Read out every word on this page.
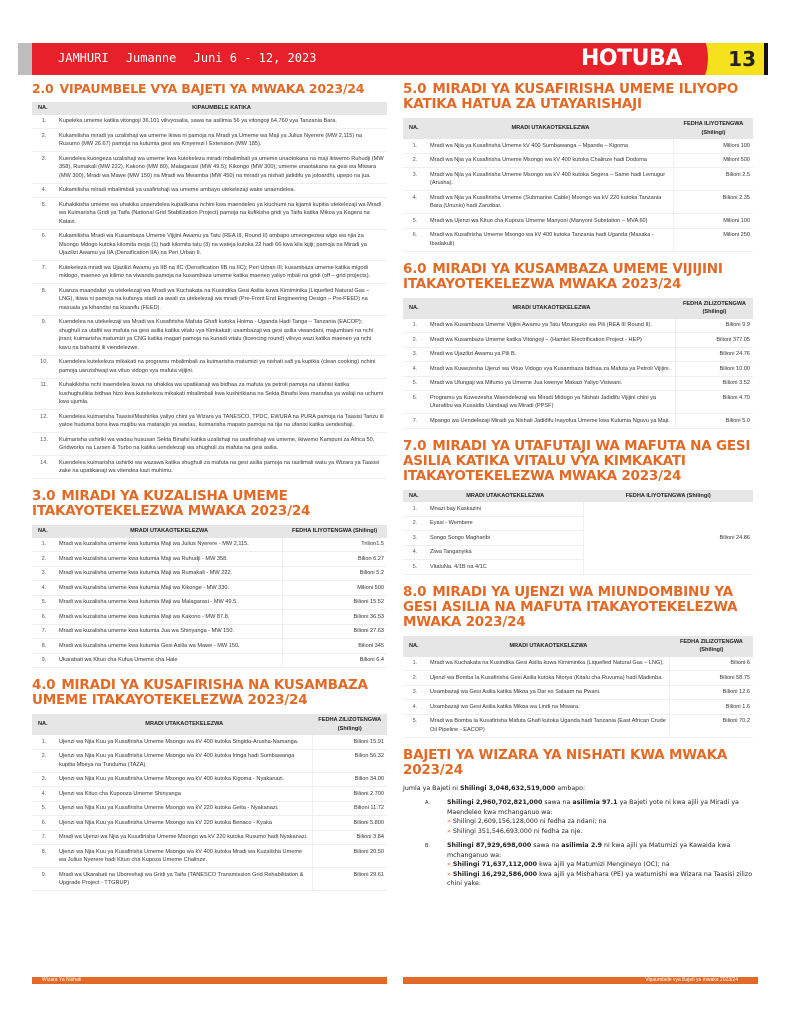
JAMHURI Jumanne Juni 6 - 12, 2023	HOTUBA 13
2.0 VIPAUMBELE VYA BAJETI YA MWAKA 2023/24
NA.	KIPAUMBELE KATIKA
1.	Kupeleka umeme katika vitongoji 36,101 vilivyosalia, sawa na asilimia 56 ya vitongoji 64,760 vya Tanzania Bara.
2.	Kukamilisha miradi ya uzalishaji wa umeme ikiwa ni pamoja na Mradi ya Umeme wa Maji ya Julius Nyerere (MW 2,115) na Rusumo (MW 26.67) pamoja na kutumia gesi wa Kinyerezi I Extension (MW 185).
3.	Kuendelea kuongeza uzalishaji wa umeme kwa kutekeleza miradi mbalimbali ya umeme unaotokana na maji ikiwemo Ruhudji (MW 358), Rumakali (MW 222), Kakono (MW 80), Malagarasi (MW 49.5); Kikongo (MW 300); umeme unaotakana na gesi wa Mtwara (MW 300), Mradi wa Mawe (MW 150) na Mradi wa Mwamba (MW 450) na miradi ya nishati jadidifu ya jotoardhi, upepo na jua.
4.	Kukamilisha miradi mbalimbali ya usafirishaji wa umeme ambayo utekelezaji wake unaendelea.
5.	Kuhakikisha umeme wa uhakika unaendelea kupatikana nchini kwa maendeleo ya kiuchumi na kijamii kupitia utekelezaji wa Mradi wa Kuimarisha Gridi ya Taifa (National Grid Stabilization Project) pamoja na kufikisha gridi ya Taifa katika Mikoa ya Kagera na Katavi.
6.	Kukamilisha Mradi wa Kusambaza Umeme Vijijini Awamu ya Tatu (REA III, Round II) ambapo umeongezwa wigo wa njia za Msongo Mdogo kutoka kilomita moja (1) hadi kilomita tatu (3) na wateja kutoka 22 hadi 66 kwa kila kijiji; pamoja na Miradi ya Ujazilizi Awamu ya IIA (Densification IIA) na Peri Urban II.
7.	Kutekeleza mradi wa Ujazilizi Awamu ya IIB na IIC (Densification IIB na IIC); Peri Urban III; kusambaza umeme katika migodi midogo, maeneo ya kilimo na viwanda pamoja na kusambaza umeme katika maeneo yaliyo mbali na gridi (off – grid projects).
8.	Kuanza maandalizi ya utekelezaji wa Mradi wa Kuchakata na Kusindika Gesi Asilia kuwa Kimiminika (Liquefied Natural Gas – LNG), ikiwa ni pamoja na kufanya stadi za awali za utekelezaji wa mradi (Pre-Front End Engineering Design – Pre-FEED) na masuala ya kihandisi na kisanifu (FEED).
9.	Kuendelea na utekelezaji wa Mradi wa Kusafirisha Mafuta Ghafi kutoka Hoima - Uganda Hadi Tanga – Tanzania (EACOP); shughuli za utafiti wa mafuta na gesi asilia katika vitalu vya Kimkakati; usambazaji wa gesi asilia viwandani, majumbani na nchi jirani; kuimarisha matumizi ya CNG katika magari pamoja na kunadi vitalu (licencing round) vilivyo wazi katika maeneo ya nchi kavu na baharini ili viendelezwe.
10.	Kuendelea kutekeleza mikakati na programu mbalimbali za kuimarisha matumizi ya nishati safi ya kupikia (clean cooking) nchini pamoja uanzishwaji wa vituo vidogo vya mafuta vijijini.
11.	Kuhakikisha nchi inaendelea kuwa na uhakika wa upatikanaji wa bidhaa za mafuta ya petroli pamoja na ufanisi katika kushughulikia bidhaa hizo kwa kutekeleza mikakati mbalimbali kwa kushirikiana na Sekta Binafsi kwa manufaa ya walaji na uchumi kwa ujumla.
12.	Kuendelea kuimarisha Taasisi/Mashirika yaliyo chini ya Wizara ya TANESCO, TPDC, EWURA na PURA pamoja na Taasisi Tanzu ili yatoe huduma bora kwa mujibu wa matarajio ya wadau, kuimarisha mapato pamoja na tija na ufanisi katika uendeshaji.
13.	Kuimarisha ushiriki wa wadau hususan Sekta Binafsi katika uzalishaji na usafirishaji wa umeme, ikiwemo Kampuni za Africa 50, Gridworks na Larsen & Turbo na katika uendelezaji wa shughuli za mafuta na gesi asilia.
14.	Kuendelea kuimarisha ushiriki wa wazawa katika shughuli za mafuta na gesi asilia pamoja na rasilimali watu ya Wizara ya Taasisi zake na upatikanaji wa vitendea kazi muhimu.
3.0 MIRADI YA KUZALISHA UMEME ITAKAYOTEKELEZWA MWAKA 2023/24
NA.	MRADI UTAKAOTEKELEZWA	FEDHA ILIYOTENGWA (Shilingi)
1.	Mradi wa kuzalisha umeme kwa kutumia Maji wa Julius Nyerere - MW 2,115.	Trilion1.5
2.	Mradi wa kuzalisha umeme kwa kutumia Maji wa Ruhudji - MW 358.	Bilion 6.27
3.	Mradi wa kuzalisha umeme kwa kutumia Maji wa Rumakali - MW 222.	Bilioni 5.2
4.	Mradi wa kuzalisha umeme kwa kutumia Maji wa Kikonge - MW 330.	Milioni 500
5.	Mradi wa kuzalisha umeme kwa kutumia Maji wa Malagarasi - MW 49.5.	Bilioni 15.52
6.	Mradi wa kuzalisha umeme kwa kutumia Maji wa Kakono - MW 87.8.	Bilioni 36.53
7.	Mradi wa kuzalisha umeme kwa kutumia Jua wa Shinyanga - MW 150.	Bilioni 27.63
8.	Mradi wa kuzalisha umeme kwa kutumia Gesi Asilia wa Mawe - MW 150.	Bilioni 345
9.	Ukarabati wa Kituo cha Kufua Umeme cha Hale	Bilioni 6.4
4.0 MIRADI YA KUSAFIRISHA NA KUSAMBAZA UMEME ITAKAYOTEKELEZWA 2023/24
NA.	MRADI UTAKAOTEKELEZWA	FEDHA ZILIZOTENGWA (Shilingi)
1.	Ujenzi wa Njia Kuu ya Kusafirisha Umeme Msongo wa kV 400 kutoka Singida-Arusha-Namanga.	Bilioni 15.91
2.	Ujenzi wa Njia Kuu ya Kusafirisha Umeme Msongo wa kV 400 kutoka Iringa hadi Sumbawanga kupitia Mbeya na Tunduma (TAZA).	Bilion 56.32
3.	Ujenzi wa Njia Kuu ya Kusafirisha Umeme Msongo wa kV 400 kutoka Kigoma - Nyakanazi.	Bilion 34.00
4.	Ujenzi wa Kituo cha Kupooza Umeme Shinyanga	Bilioni 2.700
5.	Ujenzi wa Njia Kuu ya Kusafirisha Umeme Msongo wa kV 220 kutoka Geita - Nyakanazi.	Bilioni 11.72
6.	Ujenzi wa Njia Kuu ya Kusafirisha Umeme Msongo wa kV 220 kutoka Benaco - Kyaka	Bilioni 5.800
7.	Mradi wa Ujenzi wa Njia ya Kusafirisha Umeme Msongo wa kV 220 kutoka Rusumo hadi Nyakanazi.	Bilioni 3.84
8.	Ujenzi wa Njia Kuu ya Kusafirisha Umeme Msongo wa kV 400 kutoka Mradi wa Kuzalisha Umeme wa Julius Nyerere hadi Kituo cha Kupoza Umeme Chalinze.	Bilioni 20.50
9.	Mradi wa Ukarabati na Uboreshaji wa Gridi ya Taifa (TANESCO Transmission Grid Rehabilitation & Upgrade Project - TTGRUP)	Bilioni 29.61
5.0 MIRADI YA KUSAFIRISHA UMEME ILIYOPO KATIKA HATUA ZA UTAYARISHAJI
NA.	MRADI UTAKAOTEKELEZWA	FEDHA ILIYOTENGWA (Shilingi)
1.	Mradi wa Njia ya Kusafirisha Umeme kV 400 Sumbawanga – Mpanda – Kigoma	Milioni 100
2.	Mradi wa Njia ya Kusafirisha Umeme Msongo wa kV 400 kutoka Chalinze hadi Dodoma	Milioni 500
3.	Mradi wa Njia ya Kusafirisha Umeme Msongo wa kV 400 kutoka Segera – Same hadi Lemugur (Arusha).	Bilioni 2.5
4.	Mradi wa Njia ya Kusafirisha Umeme (Submarine Cable) Msongo wa kV 220 kutoka Tanzania Bara (Ununio) hadi Zanzibar.	Bilioni 2.35
5.	Mradi wa Ujenzi wa Kituo cha Kupoza Umeme Manyoni (Manyoni Substation – MVA 60)	Milioni 100
6.	Mradi wa Kusafirisha Umeme Msongo wa kV 400 kutoka Tanzania hadi Uganda (Masaka - Ibadakuli)	Milioni 250
6.0 MIRADI YA KUSAMBAZA UMEME VIJIJINI ITAKAYOTEKELEZWA MWAKA 2023/24
NA.	MRADI UTAKAOTEKELEZWA	FEDHA ZILIZOTENGWA (Shilingi)
1.	Mradi wa Kusambaza Umeme Vijijini Awamu ya Tatu Mzunguko wa Pili (REA III Round II).	Bilioni 9.9
2.	Mradi wa Kusambaza Umeme katika Vitongoji – (Hamlet Electrification Project - HEP)	Bilioni 377.05
3.	Mradi wa Ujazilizi Awamu ya Pili B.	Bilioni 24.76
4.	Mradi wa Kuwezesha Ujenzi wa Vituo Vidogo vya Kusambaza bidhaa za Mafuta ya Petroli Vijijini.	Bilioni 10.00
5.	Mradi wa Ufungaji wa Mifumo ya Umeme Jua kwenye Makazi Yaliyo Visiwani.	Bilioni 3.52
6.	Programu ya Kuwezesha Waendelezaji wa Miradi Midogo ya Nishati Jadidifu Vijijini chini ya Utaratibu wa Kusaidia Uandaaji wa Miradi (PPSF)	Bilioni 4.70
7.	Mpango wa Uendelezaji Miradi ya Nishati Jadidifu Inayofua Umeme kwa Kutumia Nguvu ya Maji.	Bilioni 5.0
7.0 MIRADI YA UTAFUTAJI WA MAFUTA NA GESI ASILIA KATIKA VITALU VYA KIMKAKATI ITAKAYOTEKELEZWA MWAKA 2023/24
NA.	MRADI UTAKAOTEKELEZWA	FEDHA ILIYOTENGWA (Shilingi)
1.	Mnazi bay Kaskazini	Bilioni 24.86
2.	Eyasi - Wembere	
3.	Songo Songo Magharibi	
4.	Ziwa Tanganyika	
5.	VitaluNa. 4/1B na 4/1C	
8.0 MIRADI YA UJENZI WA MIUNDOMBINU YA GESI ASILIA NA MAFUTA ITAKAYOTEKELEZWA MWAKA 2023/24
NA.	MRADI UTAKAOTEKELEZWA	FEDHA ZILIZOTENGWA (Shilingi)
1.	Mradi wa Kuchakata na Kusindika Gesi Asilia kuwa Kimiminika (Liquefied Natural Gas – LNG).	Bilioni 6
2.	Ujenzi wa Bomba la Kusafirisha Gesi Asilia kutoka Ntorya (Kitalu cha Ruvuma) hadi Madimba.	Bilioni 58.75
3.	Usambazaji wa Gesi Asilia katika Mikoa ya Dar es Salaam na Pwani.	Bilioni 12.6
4.	Usambazaji wa Gesi Asilia katika Mikoa wa Lindi na Mtwara.	Bilioni 1.6
5.	Mradi wa Bomba la Kusafirisha Mafuta Ghafi kutoka Uganda hadi Tanzania (East African Crude Oil Pipeline - EACOP)	Bilioni 70.2
BAJETI YA WIZARA YA NISHATI KWA MWAKA 2023/24
Jumla ya Bajeti ni Shilingi 3,048,632,519,000 ambapo:
A.	Shilingi 2,960,702,821,000 sawa na asilimia 97.1 ya Bajeti yote ni kwa ajili ya Miradi ya Maendeleo kwa mchanganuo wa:
» Shilingi 2,609,156,128,000 ni fedha za ndani; na
» Shilingi 351,546,693,000 ni fedha za nje.
B.	Shilingi 87,929,698,000 sawa na asilimia 2.9 ni kwa ajili ya Matumizi ya Kawaida kwa mchanganuo wa:
» Shilingi 71,637,112,000 kwa ajili ya Matumizi Mengineyo (OC); na
» Shilingi 16,292,586,000 kwa ajili ya Mishahara (PE) ya watumishi wa Wizara na Taasisi zilizo chini yake.
Wizara Ya Nishati	Vipaumbele vya Bajeti ya mwaka 2023/24
